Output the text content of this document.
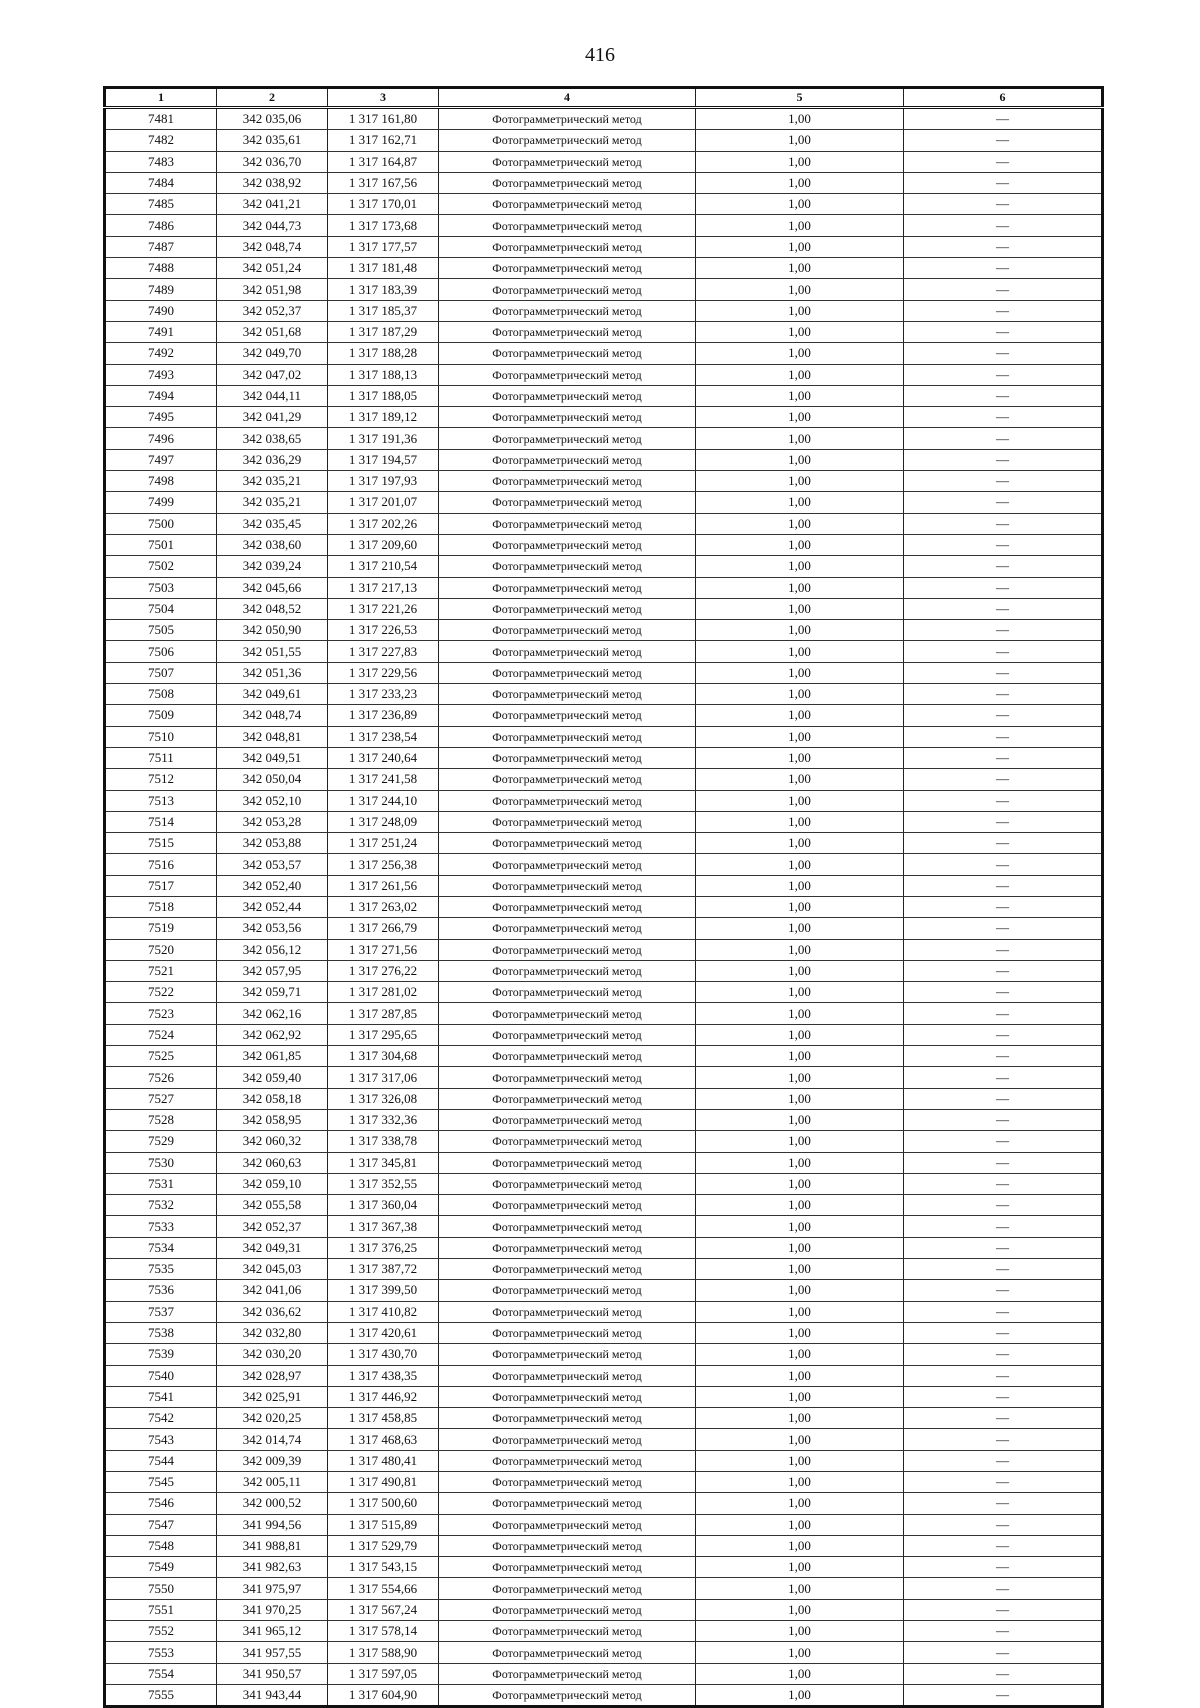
416
1	2	3	4	5	6
7481	342 035,06	1 317 161,80	Фотограмметрический метод	1,00	—
7482	342 035,61	1 317 162,71	Фотограмметрический метод	1,00	—
7483	342 036,70	1 317 164,87	Фотограмметрический метод	1,00	—
7484	342 038,92	1 317 167,56	Фотограмметрический метод	1,00	—
7485	342 041,21	1 317 170,01	Фотограмметрический метод	1,00	—
7486	342 044,73	1 317 173,68	Фотограмметрический метод	1,00	—
7487	342 048,74	1 317 177,57	Фотограмметрический метод	1,00	—
7488	342 051,24	1 317 181,48	Фотограмметрический метод	1,00	—
7489	342 051,98	1 317 183,39	Фотограмметрический метод	1,00	—
7490	342 052,37	1 317 185,37	Фотограмметрический метод	1,00	—
7491	342 051,68	1 317 187,29	Фотограмметрический метод	1,00	—
7492	342 049,70	1 317 188,28	Фотограмметрический метод	1,00	—
7493	342 047,02	1 317 188,13	Фотограмметрический метод	1,00	—
7494	342 044,11	1 317 188,05	Фотограмметрический метод	1,00	—
7495	342 041,29	1 317 189,12	Фотограмметрический метод	1,00	—
7496	342 038,65	1 317 191,36	Фотограмметрический метод	1,00	—
7497	342 036,29	1 317 194,57	Фотограмметрический метод	1,00	—
7498	342 035,21	1 317 197,93	Фотограмметрический метод	1,00	—
7499	342 035,21	1 317 201,07	Фотограмметрический метод	1,00	—
7500	342 035,45	1 317 202,26	Фотограмметрический метод	1,00	—
7501	342 038,60	1 317 209,60	Фотограмметрический метод	1,00	—
7502	342 039,24	1 317 210,54	Фотограмметрический метод	1,00	—
7503	342 045,66	1 317 217,13	Фотограмметрический метод	1,00	—
7504	342 048,52	1 317 221,26	Фотограмметрический метод	1,00	—
7505	342 050,90	1 317 226,53	Фотограмметрический метод	1,00	—
7506	342 051,55	1 317 227,83	Фотограмметрический метод	1,00	—
7507	342 051,36	1 317 229,56	Фотограмметрический метод	1,00	—
7508	342 049,61	1 317 233,23	Фотограмметрический метод	1,00	—
7509	342 048,74	1 317 236,89	Фотограмметрический метод	1,00	—
7510	342 048,81	1 317 238,54	Фотограмметрический метод	1,00	—
7511	342 049,51	1 317 240,64	Фотограмметрический метод	1,00	—
7512	342 050,04	1 317 241,58	Фотограмметрический метод	1,00	—
7513	342 052,10	1 317 244,10	Фотограмметрический метод	1,00	—
7514	342 053,28	1 317 248,09	Фотограмметрический метод	1,00	—
7515	342 053,88	1 317 251,24	Фотограмметрический метод	1,00	—
7516	342 053,57	1 317 256,38	Фотограмметрический метод	1,00	—
7517	342 052,40	1 317 261,56	Фотограмметрический метод	1,00	—
7518	342 052,44	1 317 263,02	Фотограмметрический метод	1,00	—
7519	342 053,56	1 317 266,79	Фотограмметрический метод	1,00	—
7520	342 056,12	1 317 271,56	Фотограмметрический метод	1,00	—
7521	342 057,95	1 317 276,22	Фотограмметрический метод	1,00	—
7522	342 059,71	1 317 281,02	Фотограмметрический метод	1,00	—
7523	342 062,16	1 317 287,85	Фотограмметрический метод	1,00	—
7524	342 062,92	1 317 295,65	Фотограмметрический метод	1,00	—
7525	342 061,85	1 317 304,68	Фотограмметрический метод	1,00	—
7526	342 059,40	1 317 317,06	Фотограмметрический метод	1,00	—
7527	342 058,18	1 317 326,08	Фотограмметрический метод	1,00	—
7528	342 058,95	1 317 332,36	Фотограмметрический метод	1,00	—
7529	342 060,32	1 317 338,78	Фотограмметрический метод	1,00	—
7530	342 060,63	1 317 345,81	Фотограмметрический метод	1,00	—
7531	342 059,10	1 317 352,55	Фотограмметрический метод	1,00	—
7532	342 055,58	1 317 360,04	Фотограмметрический метод	1,00	—
7533	342 052,37	1 317 367,38	Фотограмметрический метод	1,00	—
7534	342 049,31	1 317 376,25	Фотограмметрический метод	1,00	—
7535	342 045,03	1 317 387,72	Фотограмметрический метод	1,00	—
7536	342 041,06	1 317 399,50	Фотограмметрический метод	1,00	—
7537	342 036,62	1 317 410,82	Фотограмметрический метод	1,00	—
7538	342 032,80	1 317 420,61	Фотограмметрический метод	1,00	—
7539	342 030,20	1 317 430,70	Фотограмметрический метод	1,00	—
7540	342 028,97	1 317 438,35	Фотограмметрический метод	1,00	—
7541	342 025,91	1 317 446,92	Фотограмметрический метод	1,00	—
7542	342 020,25	1 317 458,85	Фотограмметрический метод	1,00	—
7543	342 014,74	1 317 468,63	Фотограмметрический метод	1,00	—
7544	342 009,39	1 317 480,41	Фотограмметрический метод	1,00	—
7545	342 005,11	1 317 490,81	Фотограмметрический метод	1,00	—
7546	342 000,52	1 317 500,60	Фотограмметрический метод	1,00	—
7547	341 994,56	1 317 515,89	Фотограмметрический метод	1,00	—
7548	341 988,81	1 317 529,79	Фотограмметрический метод	1,00	—
7549	341 982,63	1 317 543,15	Фотограмметрический метод	1,00	—
7550	341 975,97	1 317 554,66	Фотограмметрический метод	1,00	—
7551	341 970,25	1 317 567,24	Фотограмметрический метод	1,00	—
7552	341 965,12	1 317 578,14	Фотограмметрический метод	1,00	—
7553	341 957,55	1 317 588,90	Фотограмметрический метод	1,00	—
7554	341 950,57	1 317 597,05	Фотограмметрический метод	1,00	—
7555	341 943,44	1 317 604,90	Фотограмметрический метод	1,00	—
